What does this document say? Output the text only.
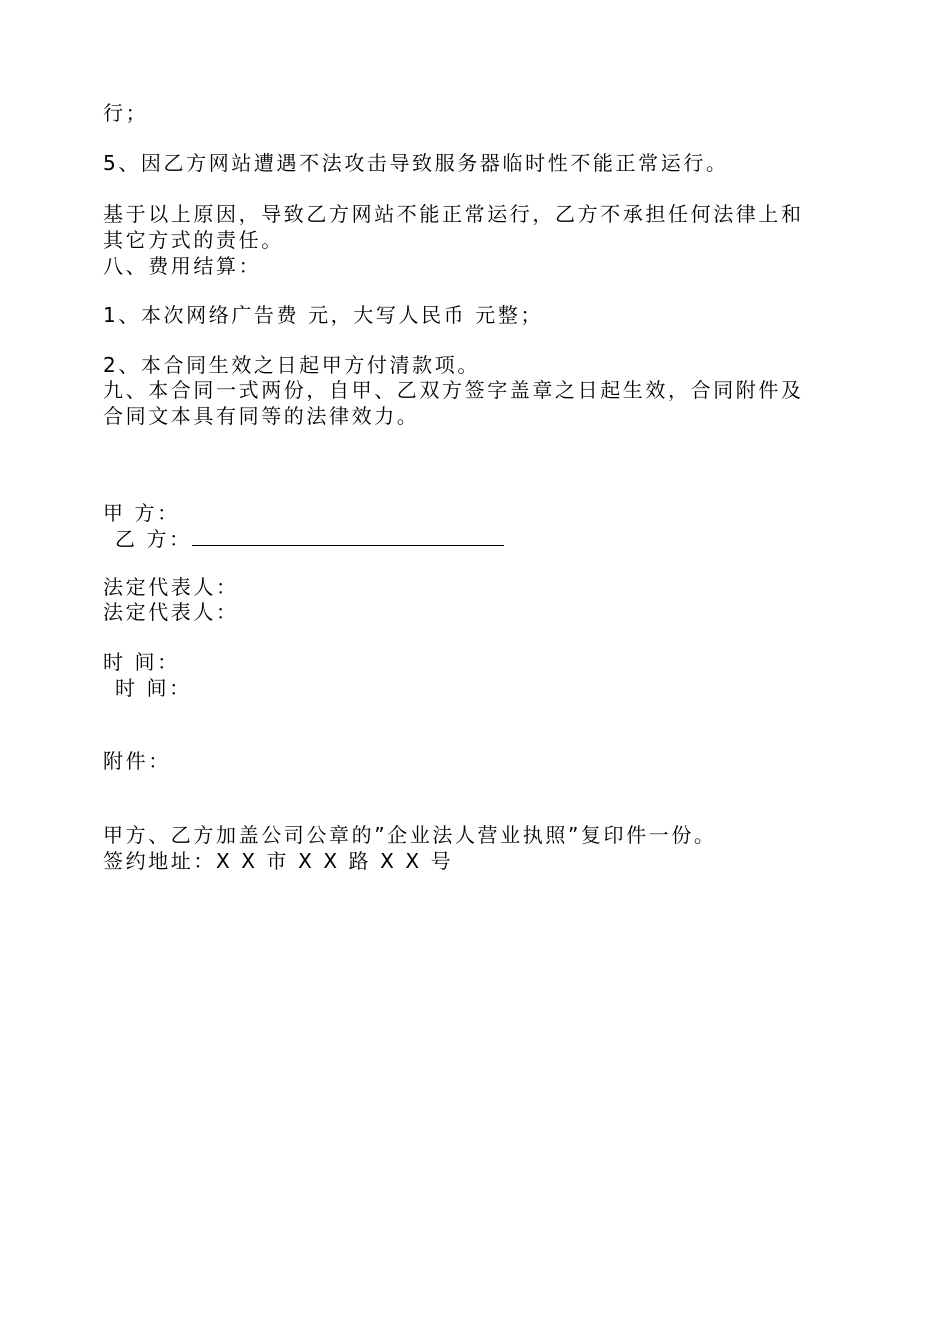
行；
5、因乙方网站遭遇不法攻击导致服务器临时性不能正常运行。
基于以上原因，导致乙方网站不能正常运行，乙方不承担任何法律上和
其它方式的责任。
八、费用结算：
1、本次网络广告费 元，大写人民币 元整；
2、本合同生效之日起甲方付清款项。
九、本合同一式两份，自甲、乙双方签字盖章之日起生效，合同附件及
合同文本具有同等的法律效力。
甲 方：
乙 方：
法定代表人：
法定代表人：
时 间：
时 间：
附件：
甲方、乙方加盖公司公章的”企业法人营业执照”复印件一份。
签约地址：X X 市 X X 路 X X 号
